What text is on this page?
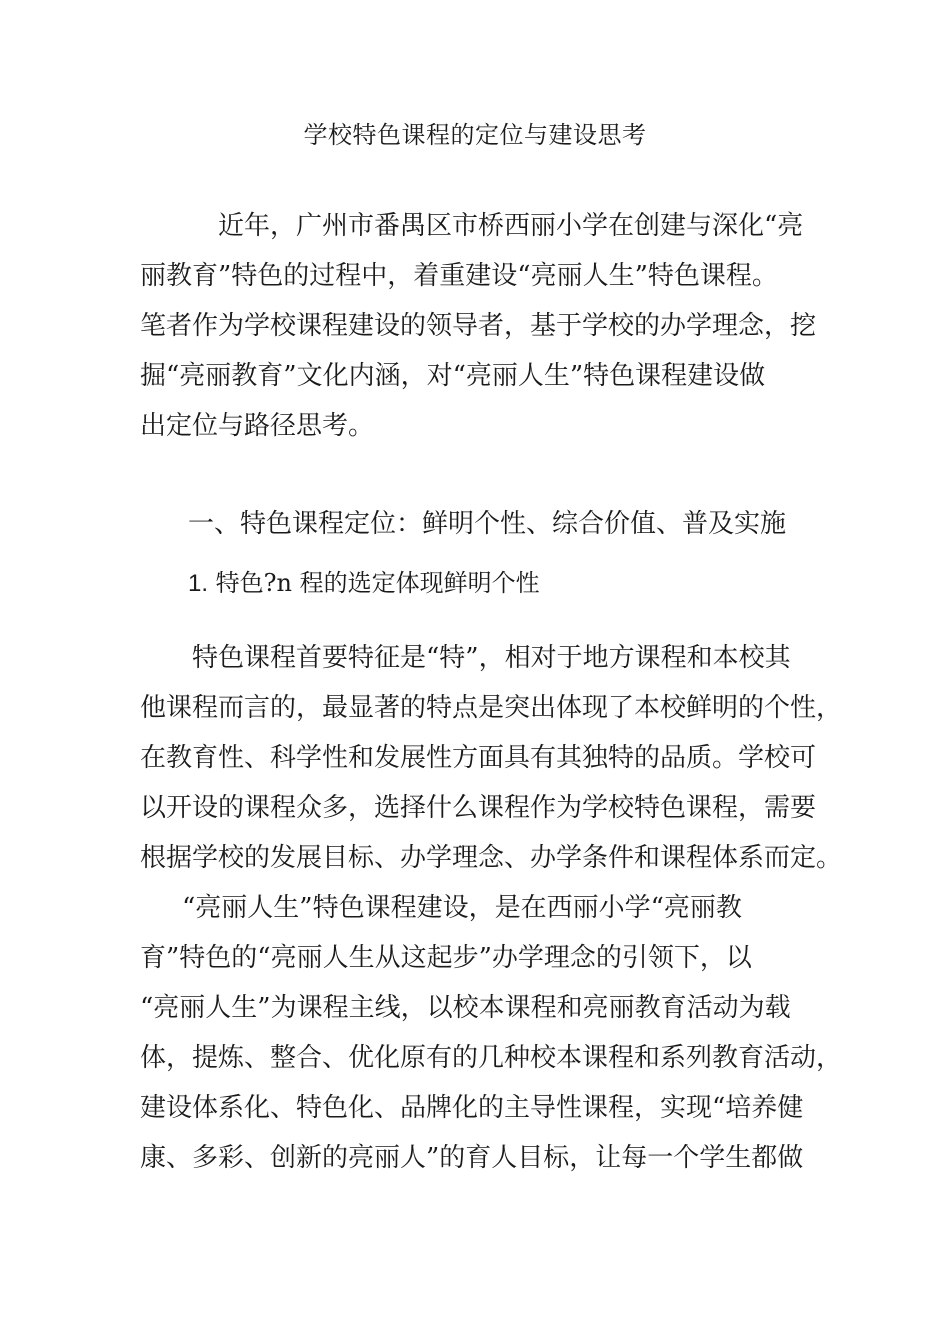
学校特色课程的定位与建设思考
近年，广州市番禺区市桥西丽小学在创建与深化“亮
丽教育”特色的过程中，着重建设“亮丽人生”特色课程。
笔者作为学校课程建设的领导者，基于学校的办学理念，挖
掘“亮丽教育”文化内涵，对“亮丽人生”特色课程建设做
出定位与路径思考。
一、特色课程定位：鲜明个性、综合价值、普及实施
1. 特色?n 程的选定体现鲜明个性
特色课程首要特征是“特”，相对于地方课程和本校其
他课程而言的，最显著的特点是突出体现了本校鲜明的个性，
在教育性、科学性和发展性方面具有其独特的品质。学校可
以开设的课程众多，选择什么课程作为学校特色课程，需要
根据学校的发展目标、办学理念、办学条件和课程体系而定。
“亮丽人生”特色课程建设，是在西丽小学“亮丽教
育”特色的“亮丽人生从这起步”办学理念的引领下，以
“亮丽人生”为课程主线，以校本课程和亮丽教育活动为载
体，提炼、整合、优化原有的几种校本课程和系列教育活动，
建设体系化、特色化、品牌化的主导性课程，实现“培养健
康、多彩、创新的亮丽人”的育人目标，让每一个学生都做
